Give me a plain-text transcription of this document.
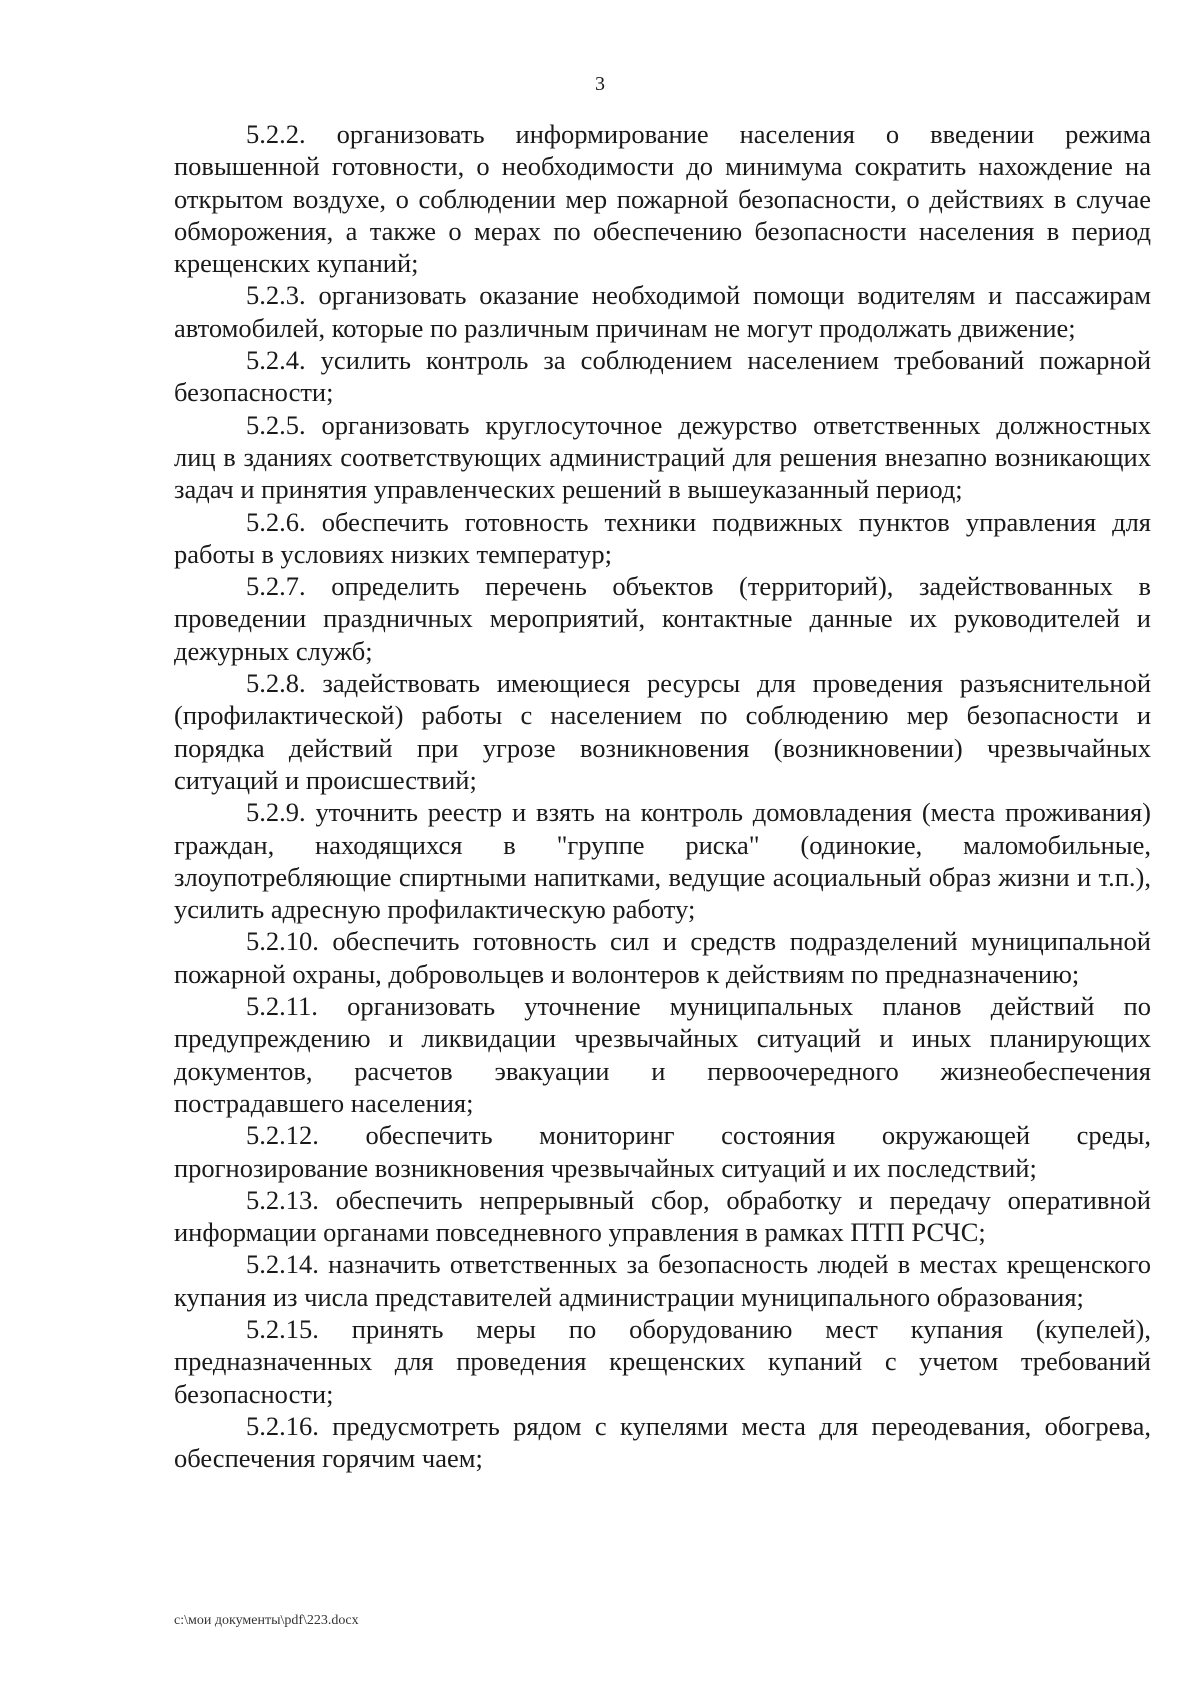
3

5.2.2. организовать информирование населения о введении режима повышенной готовности, о необходимости до минимума сократить нахождение на открытом воздухе, о соблюдении мер пожарной безопасности, о действиях в случае обморожения, а также о мерах по обеспечению безопасности населения в период крещенских купаний;

5.2.3. организовать оказание необходимой помощи водителям и пассажирам автомобилей, которые по различным причинам не могут продолжать движение;

5.2.4. усилить контроль за соблюдением населением требований пожарной безопасности;

5.2.5. организовать круглосуточное дежурство ответственных должностных лиц в зданиях соответствующих администраций для решения внезапно возникающих задач и принятия управленческих решений в вышеуказанный период;

5.2.6. обеспечить готовность техники подвижных пунктов управления для работы в условиях низких температур;

5.2.7. определить перечень объектов (территорий), задействованных в проведении праздничных мероприятий, контактные данные их руководителей и дежурных служб;

5.2.8. задействовать имеющиеся ресурсы для проведения разъяснительной (профилактической) работы с населением по соблюдению мер безопасности и порядка действий при угрозе возникновения (возникновении) чрезвычайных ситуаций и происшествий;

5.2.9. уточнить реестр и взять на контроль домовладения (места проживания) граждан, находящихся в "группе риска" (одинокие, маломобильные, злоупотребляющие спиртными напитками, ведущие асоциальный образ жизни и т.п.), усилить адресную профилактическую работу;

5.2.10. обеспечить готовность сил и средств подразделений муниципальной пожарной охраны, добровольцев и волонтеров к действиям по предназначению;

5.2.11. организовать уточнение муниципальных планов действий по предупреждению и ликвидации чрезвычайных ситуаций и иных планирующих документов, расчетов эвакуации и первоочередного жизнеобеспечения пострадавшего населения;

5.2.12. обеспечить мониторинг состояния окружающей среды, прогнозирование возникновения чрезвычайных ситуаций и их последствий;

5.2.13. обеспечить непрерывный сбор, обработку и передачу оперативной информации органами повседневного управления в рамках ПТП РСЧС;

5.2.14. назначить ответственных за безопасность людей в местах крещенского купания из числа представителей администрации муниципального образования;

5.2.15. принять меры по оборудованию мест купания (купелей), предназначенных для проведения крещенских купаний с учетом требований безопасности;

5.2.16. предусмотреть рядом с купелями места для переодевания, обогрева, обеспечения горячим чаем;

c:\мои документы\pdf\223.docx
